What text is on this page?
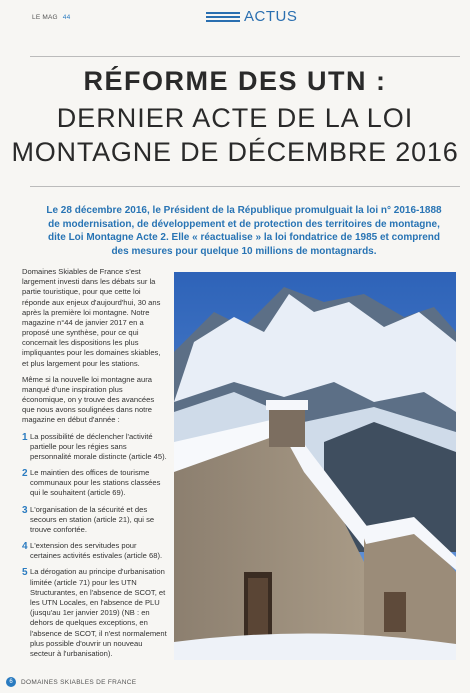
LE MAG 44	ACTUS
RÉFORME DES UTN :
DERNIER ACTE DE LA LOI
MONTAGNE DE DÉCEMBRE 2016
Le 28 décembre 2016, le Président de la République promulguait la loi n° 2016-1888 de modernisation, de développement et de protection des territoires de montagne, dite Loi Montagne Acte 2. Elle « réactualise » la loi fondatrice de 1985 et comprend des mesures pour quelque 10 millions de montagnards.

Domaines Skiables de France s'est largement investi dans les débats sur la partie touristique, pour que cette loi réponde aux enjeux d'aujourd'hui, 30 ans après la première loi montagne. Notre magazine n°44 de janvier 2017 en a proposé une synthèse, pour ce qui concernait les dispositions les plus impliquantes pour les domaines skiables, et plus largement pour les stations.

Même si la nouvelle loi montagne aura manqué d'une inspiration plus économique, on y trouve des avancées que nous avons soulignées dans notre magazine en début d'année :

1 La possibilité de déclencher l'activité partielle pour les régies sans personnalité morale distincte (article 45).
2 Le maintien des offices de tourisme communaux pour les stations classées qui le souhaitent (article 69).
3 L'organisation de la sécurité et des secours en station (article 21), qui se trouve confortée.
4 L'extension des servitudes pour certaines activités estivales (article 68).
5 La dérogation au principe d'urbanisation limitée (article 71) pour les UTN Structurantes, en l'absence de SCOT, et les UTN Locales, en l'absence de PLU (jusqu'au 1er janvier 2019) (NB : en dehors de quelques exceptions, en l'absence de SCOT, il n'est normalement plus possible d'ouvrir un nouveau secteur à l'urbanisation).
6	DOMAINES SKIABLES DE FRANCE
